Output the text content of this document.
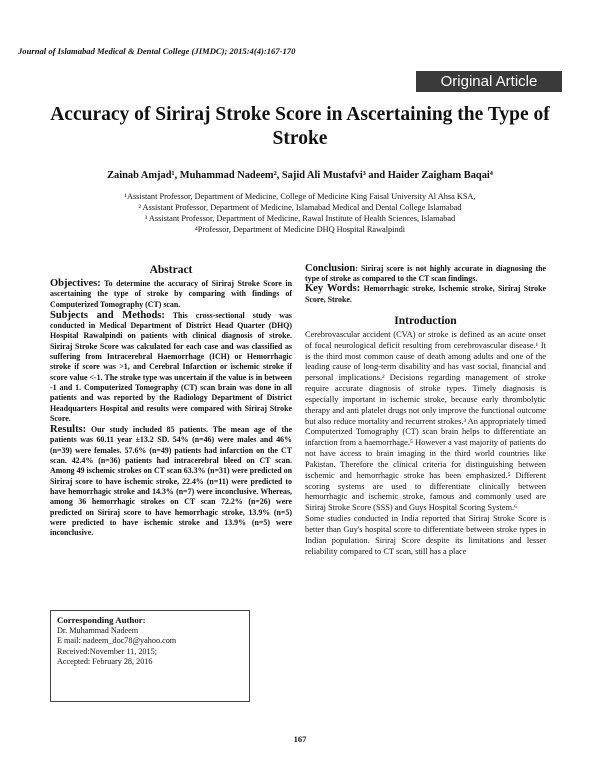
Journal of Islamabad Medical & Dental College (JIMDC); 2015:4(4):167-170
Original Article
Accuracy of Siriraj Stroke Score in Ascertaining the Type of Stroke
Zainab Amjad¹, Muhammad Nadeem², Sajid Ali Mustafvi³ and Haider Zaigham Baqai⁴
¹Assistant Professor, Department of Medicine, College of Medicine King Faisal University Al Ahsa KSA,
² Assistant Professor, Department of Medicine, Islamabad Medical and Dental College Islamabad
³ Assistant Professor, Department of Medicine, Rawal Institute of Health Sciences, Islamabad
⁴Professor, Department of Medicine DHQ Hospital Rawalpindi
Abstract

Objectives: To determine the accuracy of Siriraj Stroke Score in ascertaining the type of stroke by comparing with findings of Computerized Tomography (CT) scan.

Subjects and Methods: This cross-sectional study was conducted in Medical Department of District Head Quarter (DHQ) Hospital Rawalpindi on patients with clinical diagnosis of stroke. Siriraj Stroke Score was calculated for each case and was classified as suffering from Intracerebral Haemorrhage (ICH) or Hemorrhagic stroke if score was >1, and Cerebral Infarction or ischemic stroke if score value <-1. The stroke type was uncertain if the value is in between -1 and 1. Computerized Tomography (CT) scan brain was done in all patients and was reported by the Radiology Department of District Headquarters Hospital and results were compared with Siriraj Stroke Score.

Results: Our study included 85 patients. The mean age of the patients was 60.11 year ±13.2 SD. 54% (n=46) were males and 46% (n=39) were females. 57.6% (n=49) patients had infarction on the CT scan. 42.4% (n=36) patients had intracerebral bleed on CT scan. Among 49 ischemic strokes on CT scan 63.3% (n=31) were predicted on Siriraj score to have ischemic stroke, 22.4% (n=11) were predicted to have hemorrhagic stroke and 14.3% (n=7) were inconclusive. Whereas, among 36 hemorrhagic strokes on CT scan 72.2% (n=26) were predicted on Siriraj score to have hemorrhagic stroke, 13.9% (n=5) were predicted to have ischemic stroke and 13.9% (n=5) were inconclusive.

Corresponding Author:
Dr. Muhammad Nadeem
E mail: nadeem_doc78@yahoo.com
Received:November 11, 2015;
Accepted: February 28, 2016

Conclusion: Siriraj score is not highly accurate in diagnosing the type of stroke as compared to the CT scan findings.

Key Words: Hemorrhagic stroke, Ischemic stroke, Siriraj Stroke Score, Stroke.

Introduction

Cerebrovascular accident (CVA) or stroke is defined as an acute onset of focal neurological deficit resulting from cerebrovascular disease.¹ It is the third most common cause of death among adults and one of the leading cause of long-term disability and has vast social, financial and personal implications.² Decisions regarding management of stroke require accurate diagnosis of stroke types. Timely diagnosis is especially important in ischemic stroke, because early thrombolytic therapy and anti platelet drugs not only improve the functional outcome but also reduce mortality and recurrent strokes.³ An appropriately timed Computerized Tomography (CT) scan brain helps to differentiate an infarction from a haemorrhage.⁵ However a vast majority of patients do not have access to brain imaging in the third world countries like Pakistan. Therefore the clinical criteria for distinguishing between ischemic and hemorrhagic stroke has been emphasized.⁵ Different scoring systems are used to differentiate clinically between hemorrhagic and ischemic stroke, famous and commonly used are Siriraj Stroke Score (SSS) and Guys Hospital Scoring System.⁶

Some studies conducted in India reported that Siriraj Stroke Score is better than Guy's hospital score to differentiate between stroke types in Indian population. Siriraj Score despite its limitations and lesser reliability compared to CT scan, still has a place

167
